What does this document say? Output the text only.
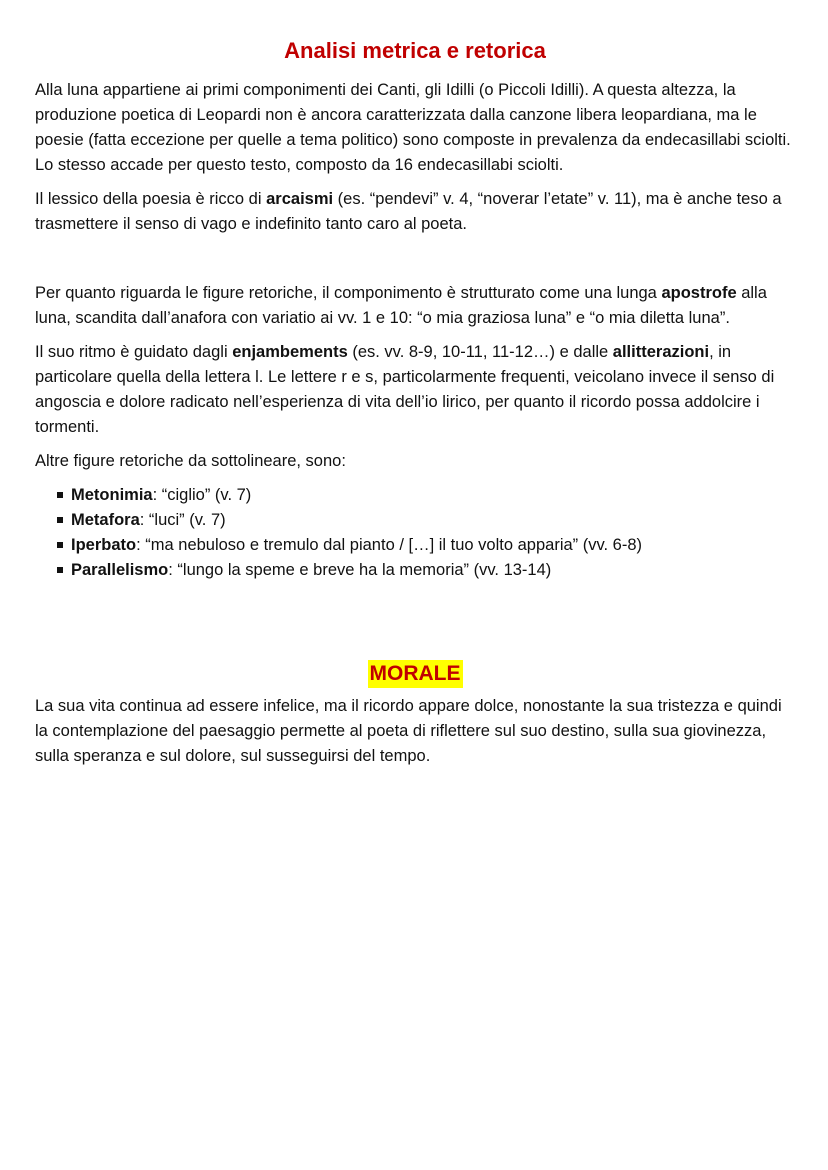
Analisi metrica e retorica

Alla luna appartiene ai primi componimenti dei Canti, gli Idilli (o Piccoli Idilli). A questa altezza, la produzione poetica di Leopardi non è ancora caratterizzata dalla canzone libera leopardiana, ma le poesie (fatta eccezione per quelle a tema politico) sono composte in prevalenza da endecasillabi sciolti. Lo stesso accade per questo testo, composto da 16 endecasillabi sciolti.

Il lessico della poesia è ricco di arcaismi (es. “pendevi” v. 4, “noverar l’etate” v. 11), ma è anche teso a trasmettere il senso di vago e indefinito tanto caro al poeta.

Per quanto riguarda le figure retoriche, il componimento è strutturato come una lunga apostrofe alla luna, scandita dall’anafora con variatio ai vv. 1 e 10: “o mia graziosa luna” e “o mia diletta luna”.

Il suo ritmo è guidato dagli enjambements (es. vv. 8-9, 10-11, 11-12…) e dalle allitterazioni, in particolare quella della lettera l. Le lettere r e s, particolarmente frequenti, veicolano invece il senso di angoscia e dolore radicato nell’esperienza di vita dell’io lirico, per quanto il ricordo possa addolcire i tormenti.

Altre figure retoriche da sottolineare, sono:

Metonimia: “ciglio” (v. 7)
Metafora: “luci” (v. 7)
Iperbato: “ma nebuloso e tremulo dal pianto / […] il tuo volto apparia” (vv. 6-8)
Parallelismo: “lungo la speme e breve ha la memoria” (vv. 13-14)
MORALE

La sua vita continua ad essere infelice, ma il ricordo appare dolce, nonostante la sua tristezza e quindi la contemplazione del paesaggio permette al poeta di riflettere sul suo destino, sulla sua giovinezza, sulla speranza e sul dolore, sul susseguirsi del tempo.
